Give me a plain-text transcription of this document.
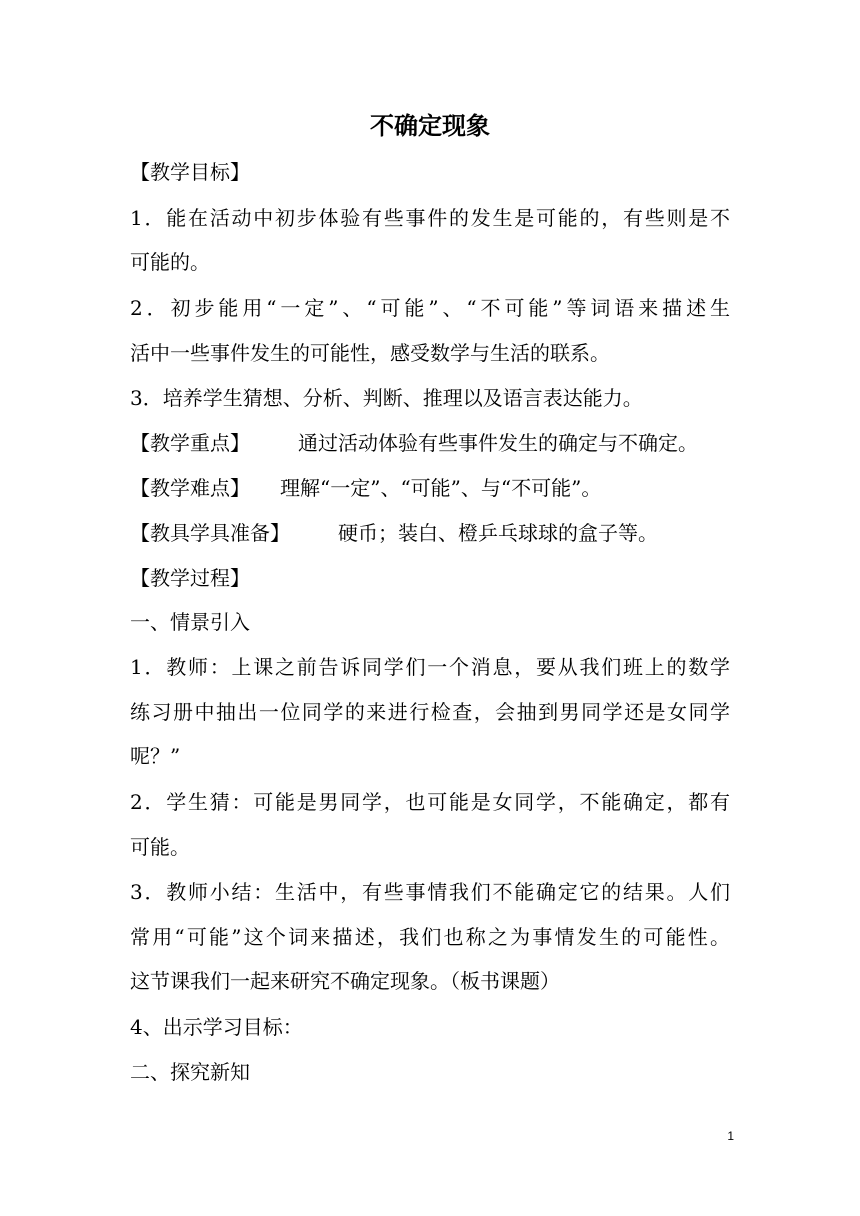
不确定现象
【教学目标】
1．能在活动中初步体验有些事件的发生是可能的，有些则是不
可能的。
2．初步能用“一定”、“可能”、“不可能”等词语来描述生
活中一些事件发生的可能性，感受数学与生活的联系。
3．培养学生猜想、分析、判断、推理以及语言表达能力。
【教学重点】 通过活动体验有些事件发生的确定与不确定。
【教学难点】 理解“一定”、“可能”、与“不可能”。
【教具学具准备】 硬币；装白、橙乒乓球球的盒子等。
【教学过程】
一、情景引入
1．教师：上课之前告诉同学们一个消息，要从我们班上的数学
练习册中抽出一位同学的来进行检查，会抽到男同学还是女同学
呢？”
2．学生猜：可能是男同学，也可能是女同学，不能确定，都有
可能。
3．教师小结：生活中，有些事情我们不能确定它的结果。人们
常用“可能”这个词来描述，我们也称之为事情发生的可能性。
这节课我们一起来研究不确定现象。（板书课题）
4、出示学习目标：
二、探究新知
1
